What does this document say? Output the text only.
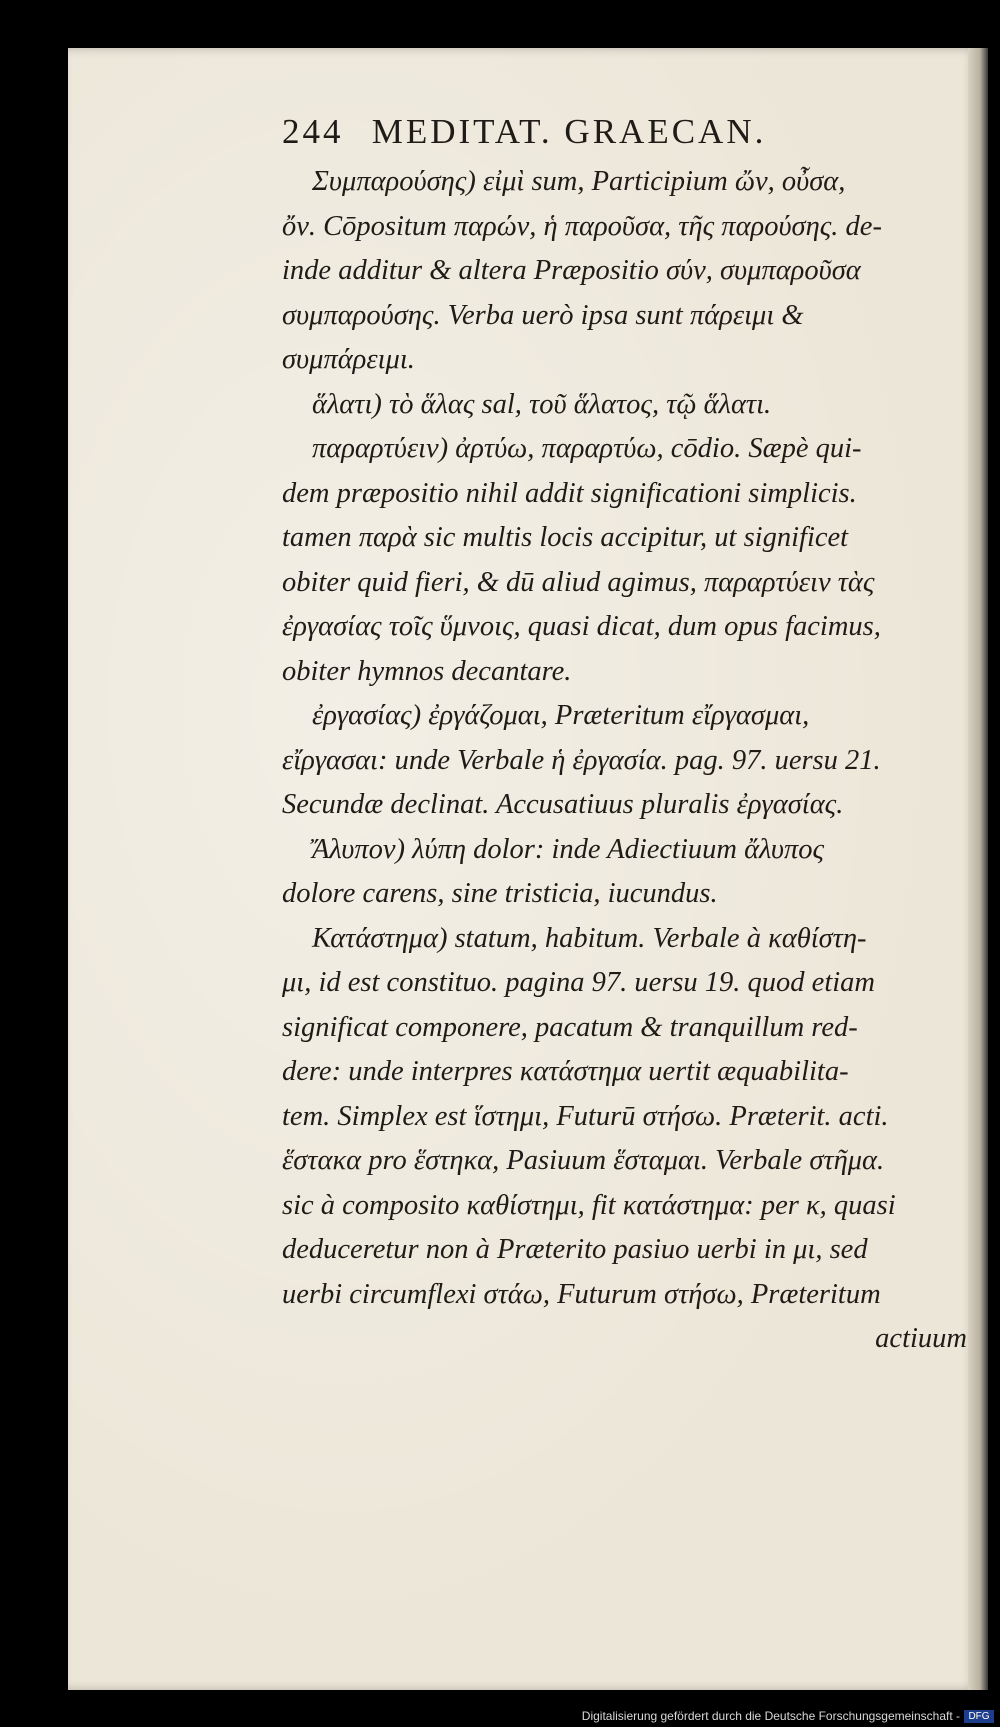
244 MEDITAT. GRAECAN.
Συμπαρούσης) εἰμὶ sum, Participium ὤν, οὖσα,
ὄν. Cōpositum παρών, ἡ παροῦσα, τῆς παρούσης. de-
inde additur & altera Præpositio σύν, συμπαροῦσα
συμπαρούσης. Verba uerò ipsa sunt πάρειμι &
συμπάρειμι.
ἅλατι) τὸ ἅλας sal, τοῦ ἅλατος, τῷ ἅλατι.
παραρτύειν) ἀρτύω, παραρτύω, cōdio. Sæpè qui-
dem præpositio nihil addit significationi simplicis.
tamen παρὰ sic multis locis accipitur, ut significet
obiter quid fieri, & dū aliud agimus, παραρτύειν τὰς
ἐργασίας τοῖς ὕμνοις, quasi dicat, dum opus facimus,
obiter hymnos decantare.
ἐργασίας) ἐργάζομαι, Præteritum εἴργασμαι,
εἴργασαι: unde Verbale ἡ ἐργασία. pag. 97. uersu 21.
Secundæ declinat. Accusatiuus pluralis ἐργασίας.
Ἄλυπον) λύπη dolor: inde Adiectiuum ἄλυπος
dolore carens, sine tristicia, iucundus.
Κατάστημα) statum, habitum. Verbale à καθίστη-
μι, id est constituo. pagina 97. uersu 19. quod etiam
significat componere, pacatum & tranquillum red-
dere: unde interpres κατάστημα uertit æquabilita-
tem. Simplex est ἵστημι, Futurū στήσω. Præterit. acti.
ἕστακα pro ἕστηκα, Pasiuum ἕσταμαι. Verbale στῆμα.
sic à composito καθίστημι, fit κατάστημα: per κ, quasi
deduceretur non à Præterito pasiuo uerbi in μι, sed
uerbi circumflexi στάω, Futurum στήσω, Præteritum
actiuum
Digitalisierung gefördert durch die Deutsche Forschungsgemeinschaft - DFG
